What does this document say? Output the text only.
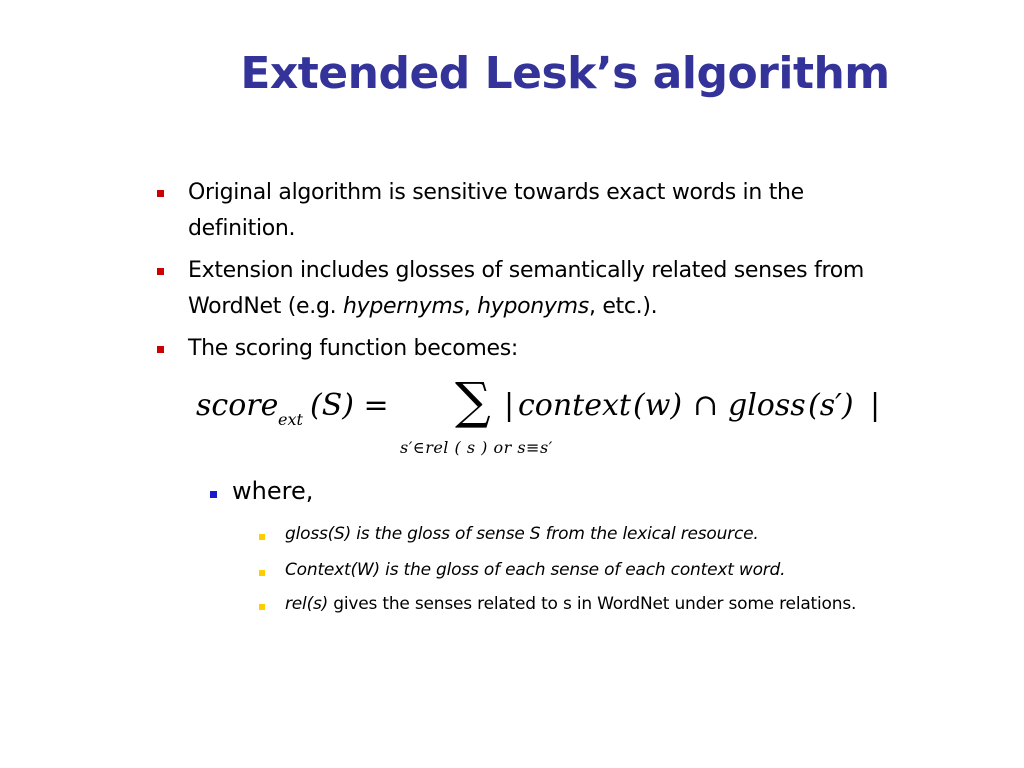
Extended Lesk’s algorithm
Original algorithm is sensitive towards exact words in the
definition.
Extension includes glosses of semantically related senses from
WordNet (e.g. hypernyms, hyponyms, etc.).
The scoring function becomes:
score ext (S) = ∑ | context (w) ∩ gloss (s′) |
s′∈rel ( s ) or s≡s′
where,
gloss(S) is the gloss of sense S from the lexical resource.
Context(W) is the gloss of each sense of each context word.
rel(s) gives the senses related to s in WordNet under some relations.
